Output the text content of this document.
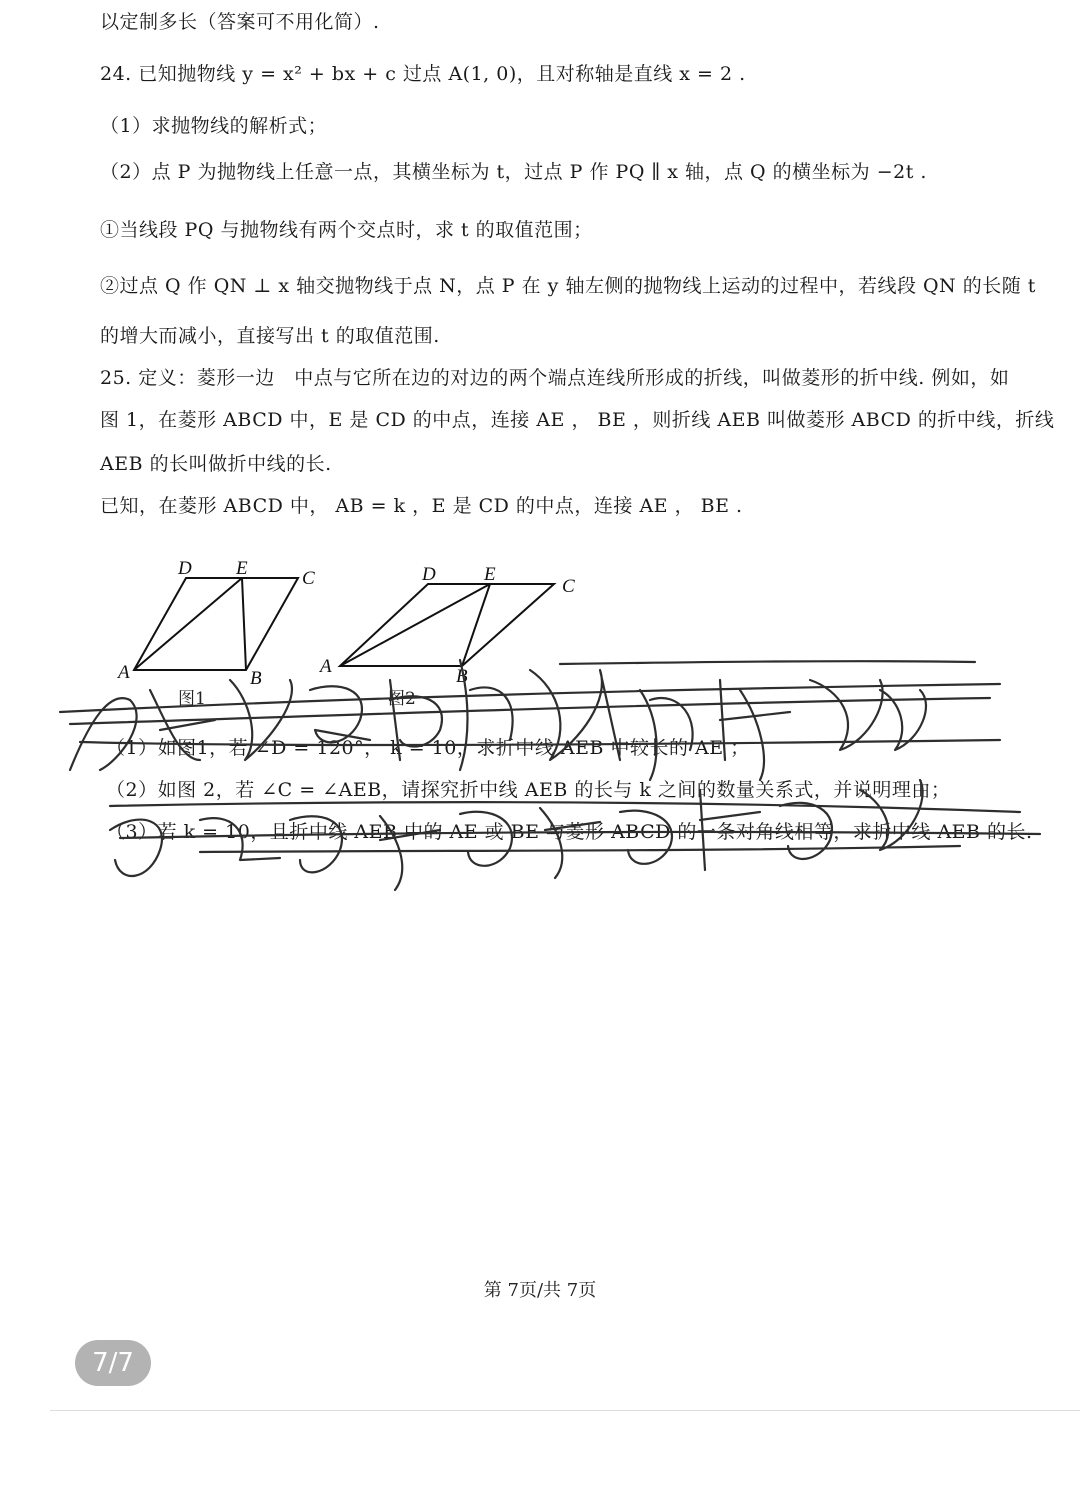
以定制多长（答案可不用化简）.
24. 已知抛物线 y = x² + bx + c 过点 A(1, 0)，且对称轴是直线 x = 2 .
（1）求抛物线的解析式；
（2）点 P 为抛物线上任意一点，其横坐标为 t，过点 P 作 PQ ∥ x 轴，点 Q 的横坐标为 −2t .
①当线段 PQ 与抛物线有两个交点时，求 t 的取值范围；
②过点 Q 作 QN ⊥ x 轴交抛物线于点 N，点 P 在 y 轴左侧的抛物线上运动的过程中，若线段 QN 的长随 t
的增大而减小，直接写出 t 的取值范围.
25. 定义：菱形一边　中点与它所在边的对边的两个端点连线所形成的折线，叫做菱形的折中线. 例如，如
图 1，在菱形 ABCD 中，E 是 CD 的中点，连接 AE ， BE ，则折线 AEB 叫做菱形 ABCD 的折中线，折线
AEB 的长叫做折中线的长.
已知，在菱形 ABCD 中， AB = k ，E 是 CD 的中点，连接 AE ， BE .
D E	C
A	B
图1
D	E
C
A	B
图2
（1）如图1，若 ∠D = 120°， k = 10，求折中线 AEB 中较长的 AE ；
（2）如图 2，若 ∠C = ∠AEB，请探究折中线 AEB 的长与 k 之间的数量关系式，并说明理由；
（3）若 k = 10，且折中线 AEB 中的 AE 或 BE 与菱形 ABCD 的一条对角线相等，求折中线 AEB 的长.
第 7页/共 7页
7/7
